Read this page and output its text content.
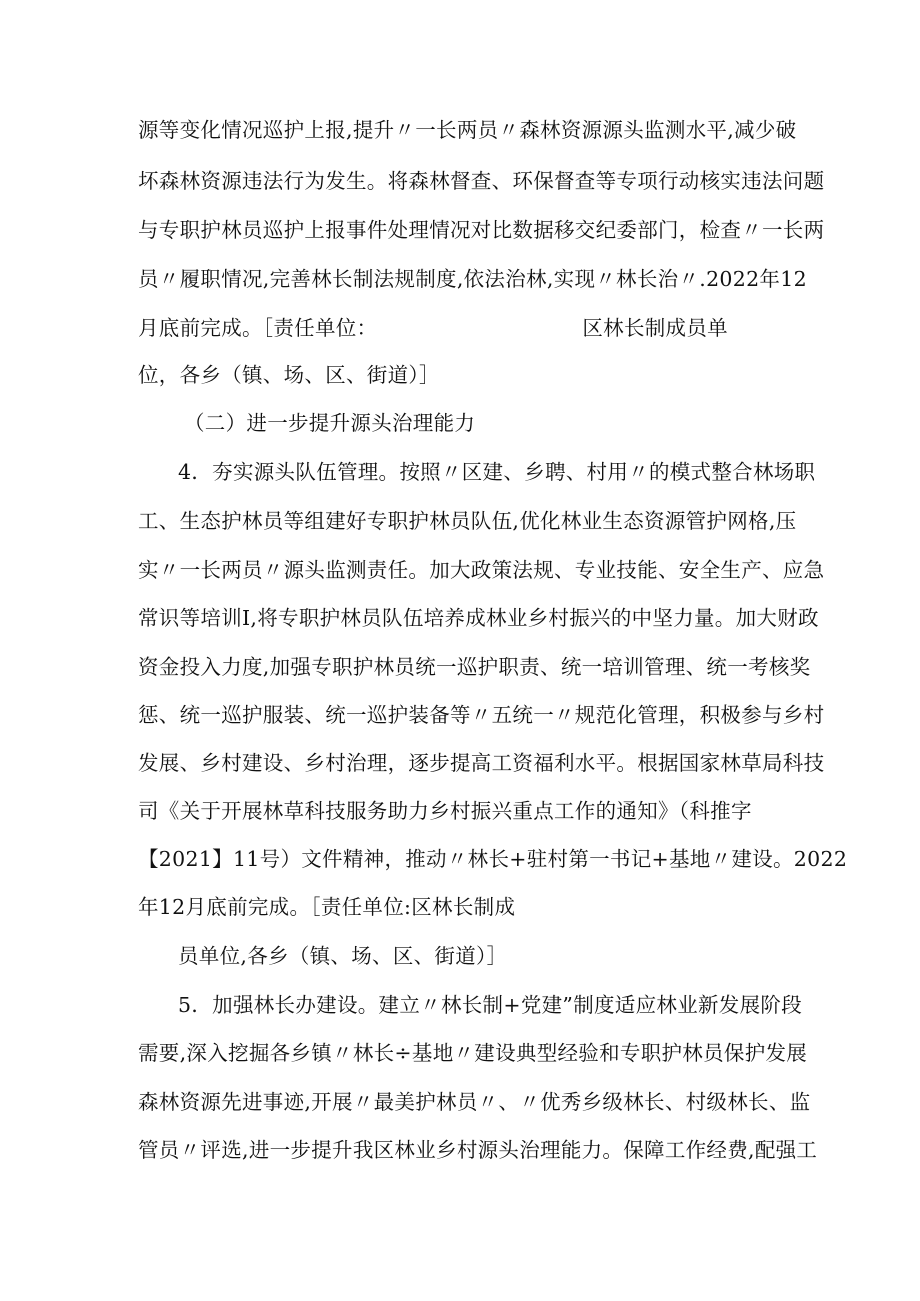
源等变化情况巡护上报,提升〃一长两员〃森林资源源头监测水平,减少破
坏森林资源违法行为发生。将森林督查、环保督查等专项行动核实违法问题
与专职护林员巡护上报事件处理情况对比数据移交纪委部门，检查〃一长两
员〃履职情况,完善林长制法规制度,依法治林,实现〃林长治〃.2022年12
月底前完成。［责任单位：	区林长制成员单
位，各乡（镇、场、区、街道）］
（二）进一步提升源头治理能力
4．夯实源头队伍管理。按照〃区建、乡聘、村用〃的模式整合林场职
工、生态护林员等组建好专职护林员队伍,优化林业生态资源管护网格,压
实〃一长两员〃源头监测责任。加大政策法规、专业技能、安全生产、应急
常识等培训I,将专职护林员队伍培养成林业乡村振兴的中坚力量。加大财政
资金投入力度,加强专职护林员统一巡护职责、统一培训管理、统一考核奖
惩、统一巡护服装、统一巡护装备等〃五统一〃规范化管理，积极参与乡村
发展、乡村建设、乡村治理，逐步提高工资福利水平。根据国家林草局科技
司《关于开展林草科技服务助力乡村振兴重点工作的通知》（科推字
【2021】11号）文件精神，推动〃林长+驻村第一书记+基地〃建设。2022
年12月底前完成。［责任单位:区林长制成
员单位,各乡（镇、场、区、街道）］
5．加强林长办建设。建立〃林长制+党建”制度适应林业新发展阶段
需要,深入挖掘各乡镇〃林长÷基地〃建设典型经验和专职护林员保护发展
森林资源先进事迹,开展〃最美护林员〃、〃优秀乡级林长、村级林长、监
管员〃评选,进一步提升我区林业乡村源头治理能力。保障工作经费,配强工
